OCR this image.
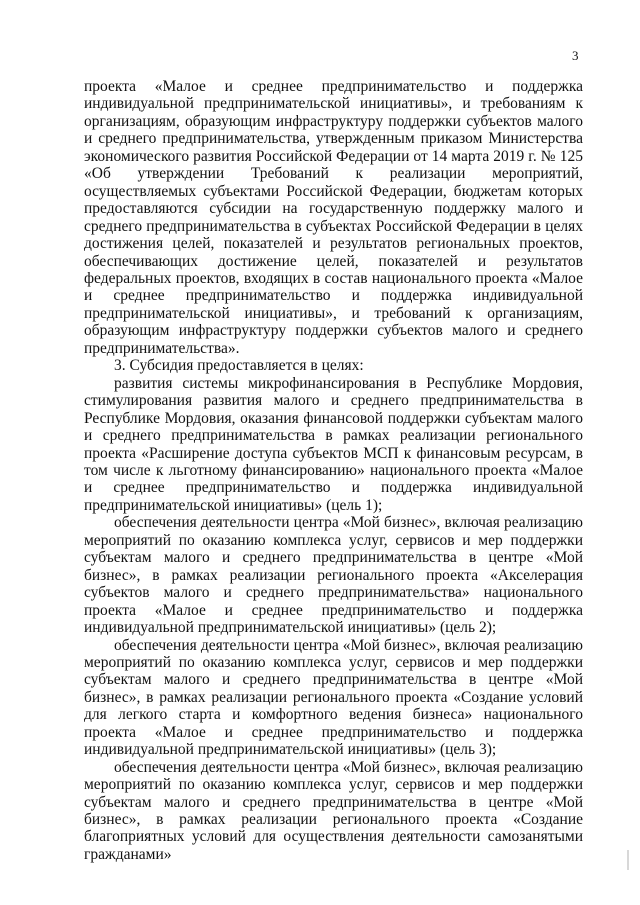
3

проекта «Малое и среднее предпринимательство и поддержка индивидуальной предпринимательской инициативы», и требованиям к организациям, образующим инфраструктуру поддержки субъектов малого и среднего предпринимательства, утвержденным приказом Министерства экономического развития Российской Федерации от 14 марта 2019 г. № 125 «Об утверждении Требований к реализации мероприятий, осуществляемых субъектами Российской Федерации, бюджетам которых предоставляются субсидии на государственную поддержку малого и среднего предпринимательства в субъектах Российской Федерации в целях достижения целей, показателей и результатов региональных проектов, обеспечивающих достижение целей, показателей и результатов федеральных проектов, входящих в состав национального проекта «Малое и среднее предпринимательство и поддержка индивидуальной предпринимательской инициативы», и требований к организациям, образующим инфраструктуру поддержки субъектов малого и среднего предпринимательства».

3. Субсидия предоставляется в целях:

развития системы микрофинансирования в Республике Мордовия, стимулирования развития малого и среднего предпринимательства в Республике Мордовия, оказания финансовой поддержки субъектам малого и среднего предпринимательства в рамках реализации регионального проекта «Расширение доступа субъектов МСП к финансовым ресурсам, в том числе к льготному финансированию» национального проекта «Малое и среднее предпринимательство и поддержка индивидуальной предпринимательской инициативы» (цель 1);

обеспечения деятельности центра «Мой бизнес», включая реализацию мероприятий по оказанию комплекса услуг, сервисов и мер поддержки субъектам малого и среднего предпринимательства в центре «Мой бизнес», в рамках реализации регионального проекта «Акселерация субъектов малого и среднего предпринимательства» национального проекта «Малое и среднее предпринимательство и поддержка индивидуальной предпринимательской инициативы» (цель 2);

обеспечения деятельности центра «Мой бизнес», включая реализацию мероприятий по оказанию комплекса услуг, сервисов и мер поддержки субъектам малого и среднего предпринимательства в центре «Мой бизнес», в рамках реализации регионального проекта «Создание условий для легкого старта и комфортного ведения бизнеса» национального проекта «Малое и среднее предпринимательство и поддержка индивидуальной предпринимательской инициативы» (цель 3);

обеспечения деятельности центра «Мой бизнес», включая реализацию мероприятий по оказанию комплекса услуг, сервисов и мер поддержки субъектам малого и среднего предпринимательства в центре «Мой бизнес», в рамках реализации регионального проекта «Создание благоприятных условий для осуществления деятельности самозанятыми гражданами»
